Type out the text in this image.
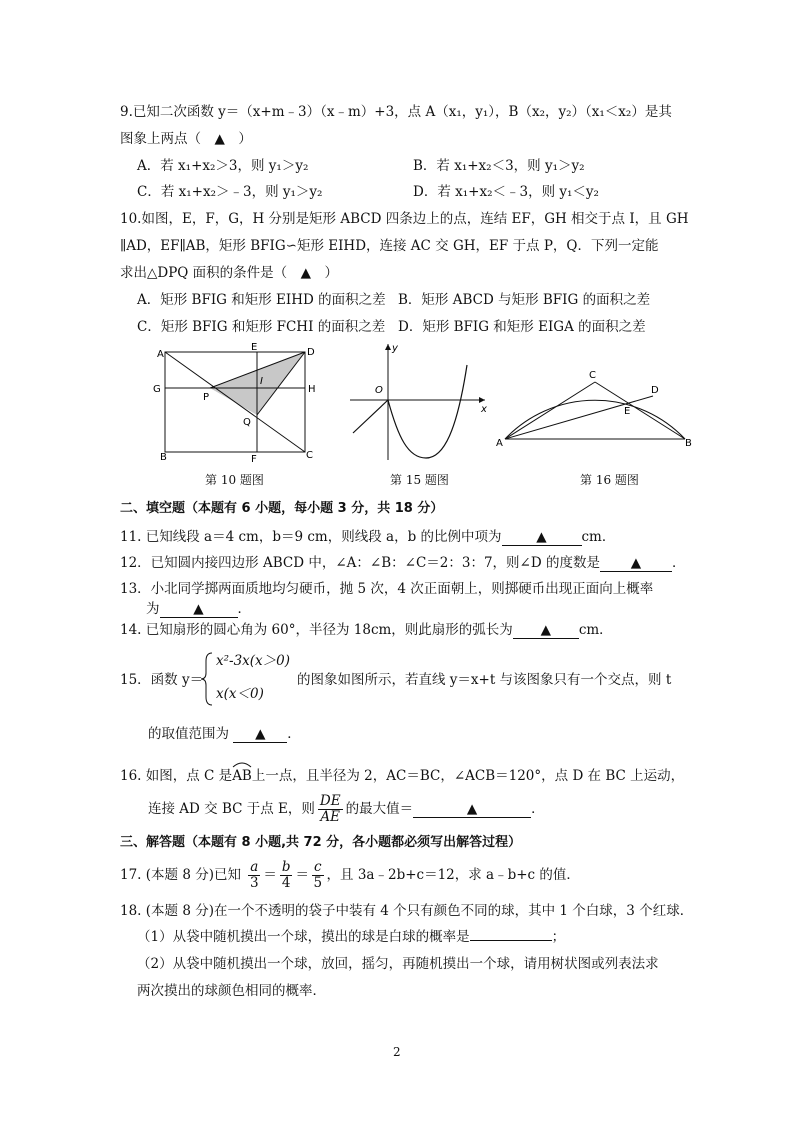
9.已知二次函数 y＝（x+m﹣3）（x﹣m）+3，点 A（x₁，y₁），B（x₂，y₂）（x₁＜x₂）是其
图象上两点（　▲　）
A．若 x₁+x₂＞3，则 y₁＞y₂	B．若 x₁+x₂＜3，则 y₁＞y₂
C．若 x₁+x₂＞﹣3，则 y₁＞y₂	D．若 x₁+x₂＜﹣3，则 y₁＜y₂
10.如图，E，F，G，H 分别是矩形 ABCD 四条边上的点，连结 EF，GH 相交于点 I，且 GH
∥AD，EF∥AB，矩形 BFIG∽矩形 EIHD，连接 AC 交 GH，EF 于点 P，Q．下列一定能
求出△DPQ 面积的条件是（　▲　）
A．矩形 BFIG 和矩形 EIHD 的面积之差 B．矩形 ABCD 与矩形 BFIG 的面积之差
C．矩形 BFIG 和矩形 FCHI 的面积之差 D．矩形 BFIG 和矩形 EIGA 的面积之差
A
E	D
G
I
H
P
Q
B	F	C
第 10 题图
y
O
x
第 15 题图
C
D
E
A	B
第 16 题图
二、填空题（本题有 6 小题，每小题 3 分，共 18 分）
11. 已知线段 a＝4 cm，b＝9 cm，则线段 a，b 的比例中项为	▲	cm．
12．已知圆内接四边形 ABCD 中，∠A：∠B：∠C＝2：3：7，则∠D 的度数是 ▲ ．
13．小北同学掷两面质地均匀硬币，抛 5 次，4 次正面朝上，则掷硬币出现正面向上概率
为	▲	．
14. 已知扇形的圆心角为 60°，半径为 18cm，则此扇形的弧长为 ▲ cm．
15．函数 y＝
x²-3x(x＞0)
x(x＜0)
的图象如图所示，若直线 y＝x+t 与该图象只有一个交点，则 t
的取值范围为 ▲ ．
16. 如图，点 C 是
AB上一点，且半径为 2，AC＝BC，∠ACB＝120°，点 D 在 BC 上运动，
连接 AD 交 BC 于点 E，则 $\frac{DE}{AE}$ 的最大值＝	▲	．
三、解答题（本题有 8 小题,共 72 分，各小题都必须写出解答过程）
17. (本题 8 分)已知 $\frac{a}{3} = \frac{b}{4} = \frac{c}{5}$ ，且 3a﹣2b+c＝12，求 a﹣b+c 的值．
18. (本题 8 分)在一个不透明的袋子中装有 4 个只有颜色不同的球，其中 1 个白球，3 个红球．
（1）从袋中随机摸出一个球，摸出的球是白球的概率是	；
（2）从袋中随机摸出一个球，放回，摇匀，再随机摸出一个球，请用树状图或列表法求
两次摸出的球颜色相同的概率．
2
